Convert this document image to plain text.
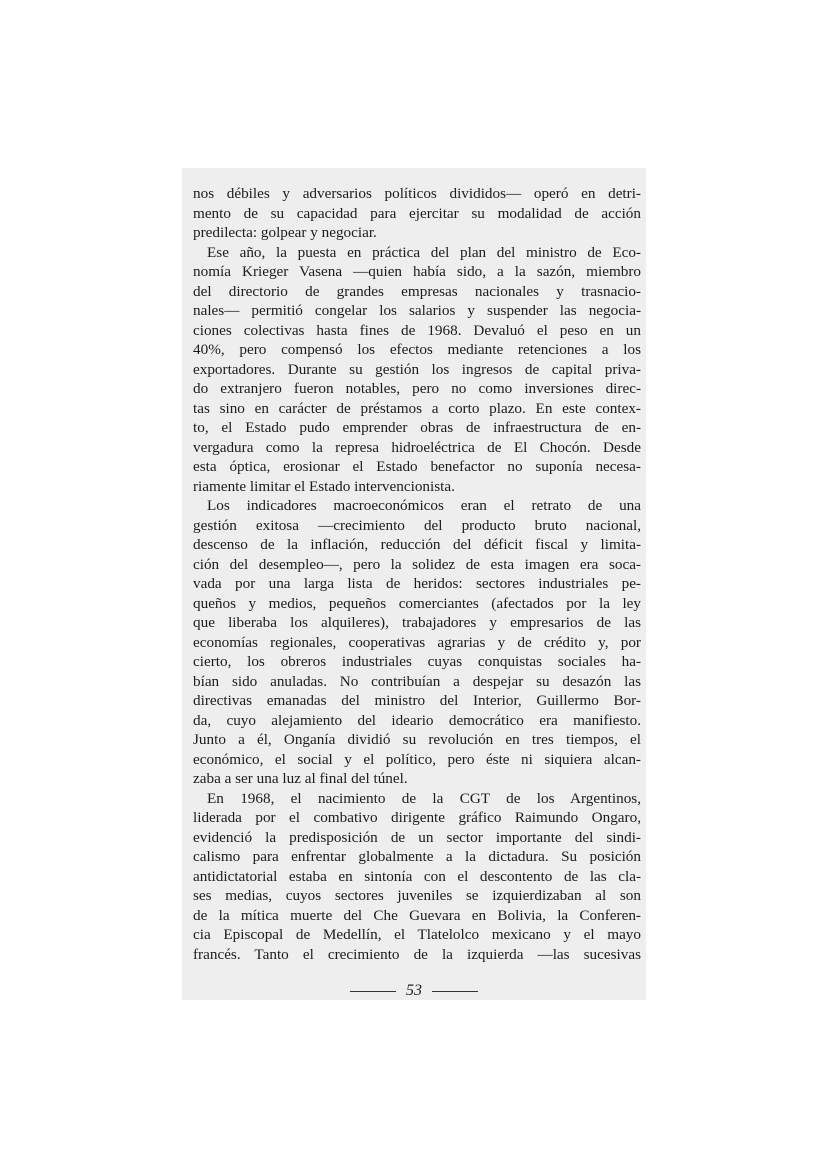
nos débiles y adversarios políticos divididos— operó en detri-
mento de su capacidad para ejercitar su modalidad de acción
predilecta: golpear y negociar.
Ese año, la puesta en práctica del plan del ministro de Eco-
nomía Krieger Vasena —quien había sido, a la sazón, miembro
del directorio de grandes empresas nacionales y trasnacio-
nales— permitió congelar los salarios y suspender las negocia-
ciones colectivas hasta fines de 1968. Devaluó el peso en un
40%, pero compensó los efectos mediante retenciones a los
exportadores. Durante su gestión los ingresos de capital priva-
do extranjero fueron notables, pero no como inversiones direc-
tas sino en carácter de préstamos a corto plazo. En este contex-
to, el Estado pudo emprender obras de infraestructura de en-
vergadura como la represa hidroeléctrica de El Chocón. Desde
esta óptica, erosionar el Estado benefactor no suponía necesa-
riamente limitar el Estado intervencionista.
Los indicadores macroeconómicos eran el retrato de una
gestión exitosa —crecimiento del producto bruto nacional,
descenso de la inflación, reducción del déficit fiscal y limita-
ción del desempleo—, pero la solidez de esta imagen era soca-
vada por una larga lista de heridos: sectores industriales pe-
queños y medios, pequeños comerciantes (afectados por la ley
que liberaba los alquileres), trabajadores y empresarios de las
economías regionales, cooperativas agrarias y de crédito y, por
cierto, los obreros industriales cuyas conquistas sociales ha-
bían sido anuladas. No contribuían a despejar su desazón las
directivas emanadas del ministro del Interior, Guillermo Bor-
da, cuyo alejamiento del ideario democrático era manifiesto.
Junto a él, Onganía dividió su revolución en tres tiempos, el
económico, el social y el político, pero éste ni siquiera alcan-
zaba a ser una luz al final del túnel.
En 1968, el nacimiento de la CGT de los Argentinos,
liderada por el combativo dirigente gráfico Raimundo Ongaro,
evidenció la predisposición de un sector importante del sindi-
calismo para enfrentar globalmente a la dictadura. Su posición
antidictatorial estaba en sintonía con el descontento de las cla-
ses medias, cuyos sectores juveniles se izquierdizaban al son
de la mítica muerte del Che Guevara en Bolivia, la Conferen-
cia Episcopal de Medellín, el Tlatelolco mexicano y el mayo
francés. Tanto el crecimiento de la izquierda —las sucesivas
53
